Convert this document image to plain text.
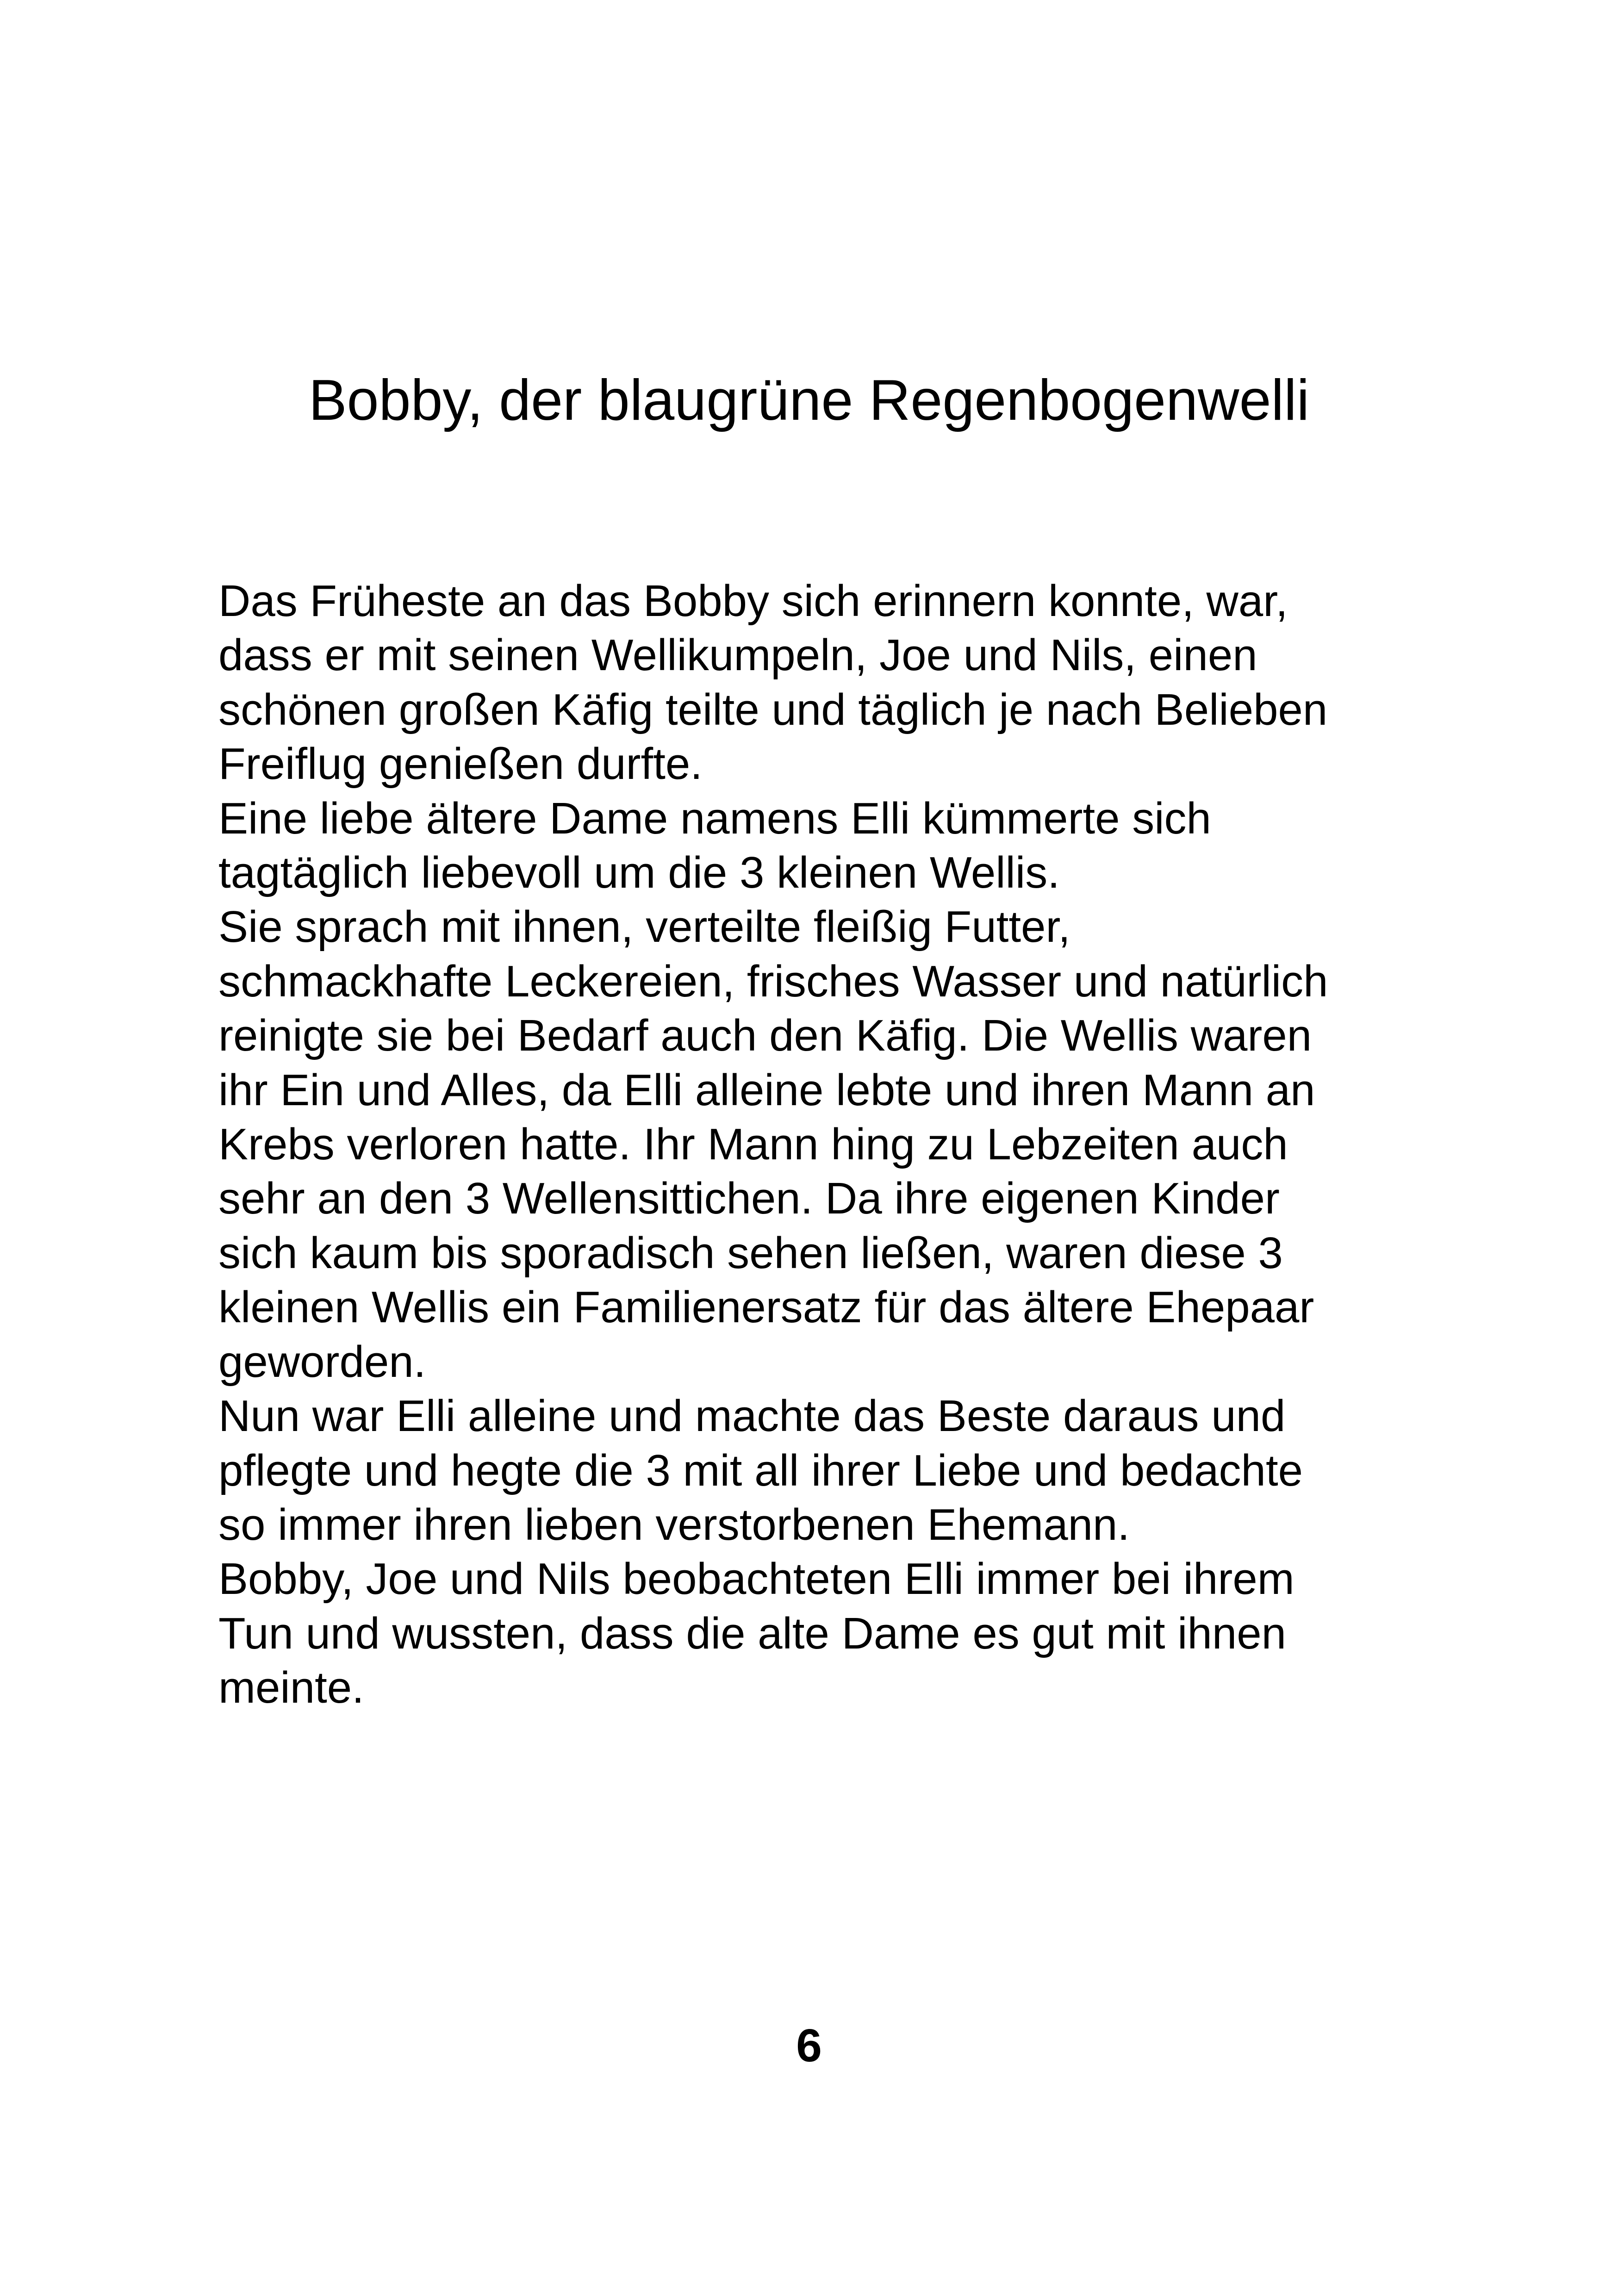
Bobby, der blaugrüne Regenbogenwelli
Das Früheste an das Bobby sich erinnern konnte, war,
dass er mit seinen Wellikumpeln, Joe und Nils, einen
schönen großen Käfig teilte und täglich je nach Belieben
Freiflug genießen durfte.
Eine liebe ältere Dame namens Elli kümmerte sich
tagtäglich liebevoll um die 3 kleinen Wellis.
Sie sprach mit ihnen, verteilte fleißig Futter,
schmackhafte Leckereien, frisches Wasser und natürlich
reinigte sie bei Bedarf auch den Käfig. Die Wellis waren
ihr Ein und Alles, da Elli alleine lebte und ihren Mann an
Krebs verloren hatte. Ihr Mann hing zu Lebzeiten auch
sehr an den 3 Wellensittichen. Da ihre eigenen Kinder
sich kaum bis sporadisch sehen ließen, waren diese 3
kleinen Wellis ein Familienersatz für das ältere Ehepaar
geworden.
Nun war Elli alleine und machte das Beste daraus und
pflegte und hegte die 3 mit all ihrer Liebe und bedachte
so immer ihren lieben verstorbenen Ehemann.
Bobby, Joe und Nils beobachteten Elli immer bei ihrem
Tun und wussten, dass die alte Dame es gut mit ihnen
meinte.
6
